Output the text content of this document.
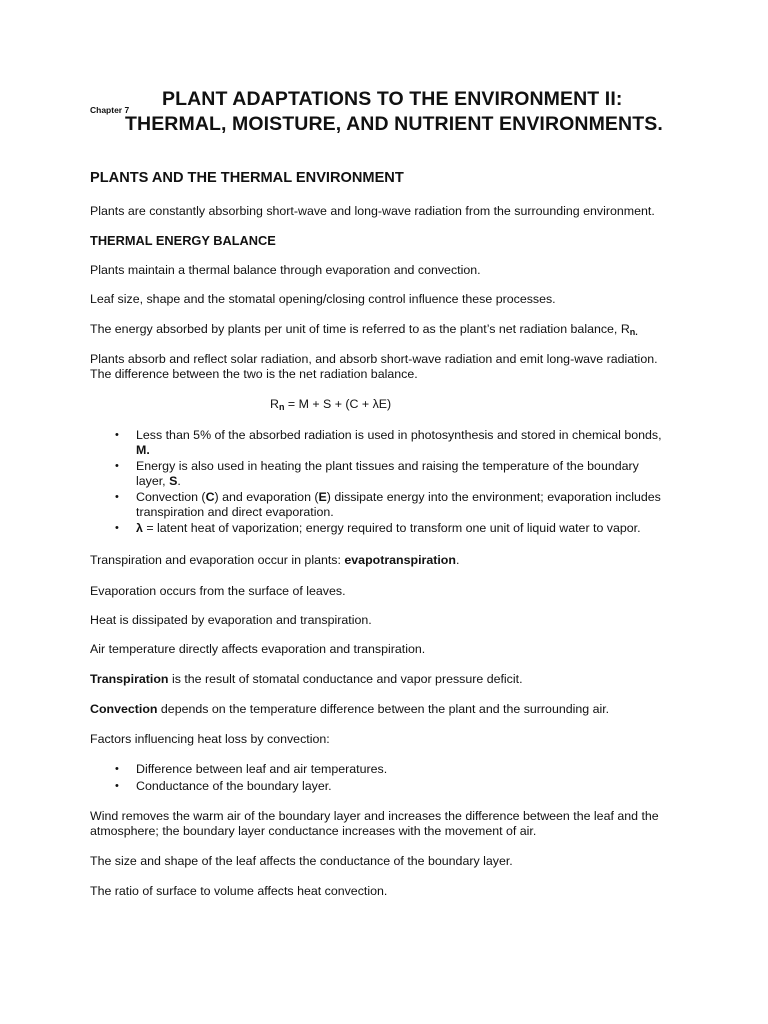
Chapter 7 PLANT ADAPTATIONS TO THE ENVIRONMENT II:
THERMAL, MOISTURE, AND NUTRIENT ENVIRONMENTS.
PLANTS AND THE THERMAL ENVIRONMENT
Plants are constantly absorbing short-wave and long-wave radiation from the surrounding environment.
THERMAL ENERGY BALANCE
Plants maintain a thermal balance through evaporation and convection.
Leaf size, shape and the stomatal opening/closing control influence these processes.
The energy absorbed by plants per unit of time is referred to as the plant’s net radiation balance, $R_{n.}$
Plants absorb and reflect solar radiation, and absorb short-wave radiation and emit long-wave radiation.
The difference between the two is the net radiation balance.
$R_n = M + S + (C + \lambda E)$
• Less than 5% of the absorbed radiation is used in photosynthesis and stored in chemical bonds,
M.
• Energy is also used in heating the plant tissues and raising the temperature of the boundary
layer, S.
• Convection (C) and evaporation (E) dissipate energy into the environment; evaporation includes
transpiration and direct evaporation.
• λ = latent heat of vaporization; energy required to transform one unit of liquid water to vapor.
Transpiration and evaporation occur in plants: evapotranspiration.
Evaporation occurs from the surface of leaves.
Heat is dissipated by evaporation and transpiration.
Air temperature directly affects evaporation and transpiration.
Transpiration is the result of stomatal conductance and vapor pressure deficit.
Convection depends on the temperature difference between the plant and the surrounding air.
Factors influencing heat loss by convection:
• Difference between leaf and air temperatures.
• Conductance of the boundary layer.
Wind removes the warm air of the boundary layer and increases the difference between the leaf and the
atmosphere; the boundary layer conductance increases with the movement of air.
The size and shape of the leaf affects the conductance of the boundary layer.
The ratio of surface to volume affects heat convection.
